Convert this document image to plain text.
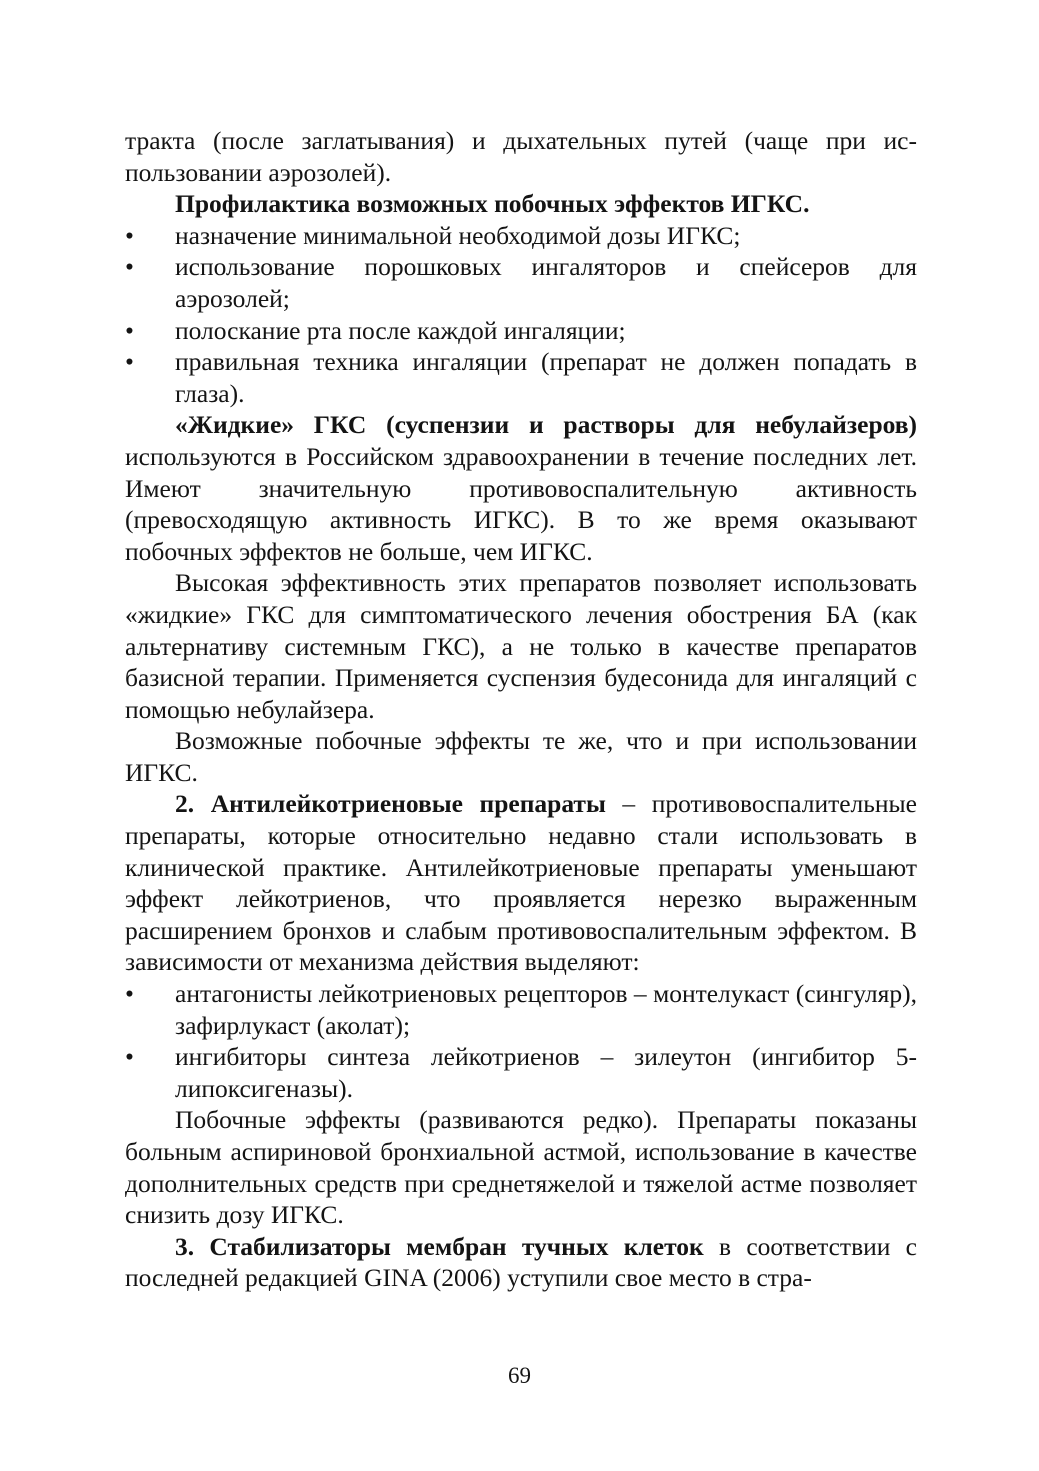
тракта (после заглатывания) и дыхательных путей (чаще при использовании аэрозолей).

Профилактика возможных побочных эффектов ИГКС.

• назначение минимальной необходимой дозы ИГКС;
• использование порошковых ингаляторов и спейсеров для аэрозолей;
• полоскание рта после каждой ингаляции;
• правильная техника ингаляции (препарат не должен попадать в глаза).

«Жидкие» ГКС (суспензии и растворы для небулайзеров) используются в Российском здравоохранении в течение последних лет. Имеют значительную противовоспалительную активность (превосходящую активность ИГКС). В то же время оказывают побочных эффектов не больше, чем ИГКС.

Высокая эффективность этих препаратов позволяет использовать «жидкие» ГКС для симптоматического лечения обострения БА (как альтернативу системным ГКС), а не только в качестве препаратов базисной терапии. Применяется суспензия будесонида для ингаляций с помощью небулайзера.

Возможные побочные эффекты те же, что и при использовании ИГКС.

2. Антилейкотриеновые препараты – противовоспалительные препараты, которые относительно недавно стали использовать в клинической практике. Антилейкотриеновые препараты уменьшают эффект лейкотриенов, что проявляется нерезко выраженным расширением бронхов и слабым противовоспалительным эффектом. В зависимости от механизма действия выделяют:

• антагонисты лейкотриеновых рецепторов – монтелукаст (сингуляр), зафирлукаст (аколат);
• ингибиторы синтеза лейкотриенов – зилеутон (ингибитор 5-липоксигеназы).

Побочные эффекты (развиваются редко). Препараты показаны больным аспириновой бронхиальной астмой, использование в качестве дополнительных средств при среднетяжелой и тяжелой астме позволяет снизить дозу ИГКС.

3. Стабилизаторы мембран тучных клеток в соответствии с последней редакцией GINA (2006) уступили свое место в стра-

69
